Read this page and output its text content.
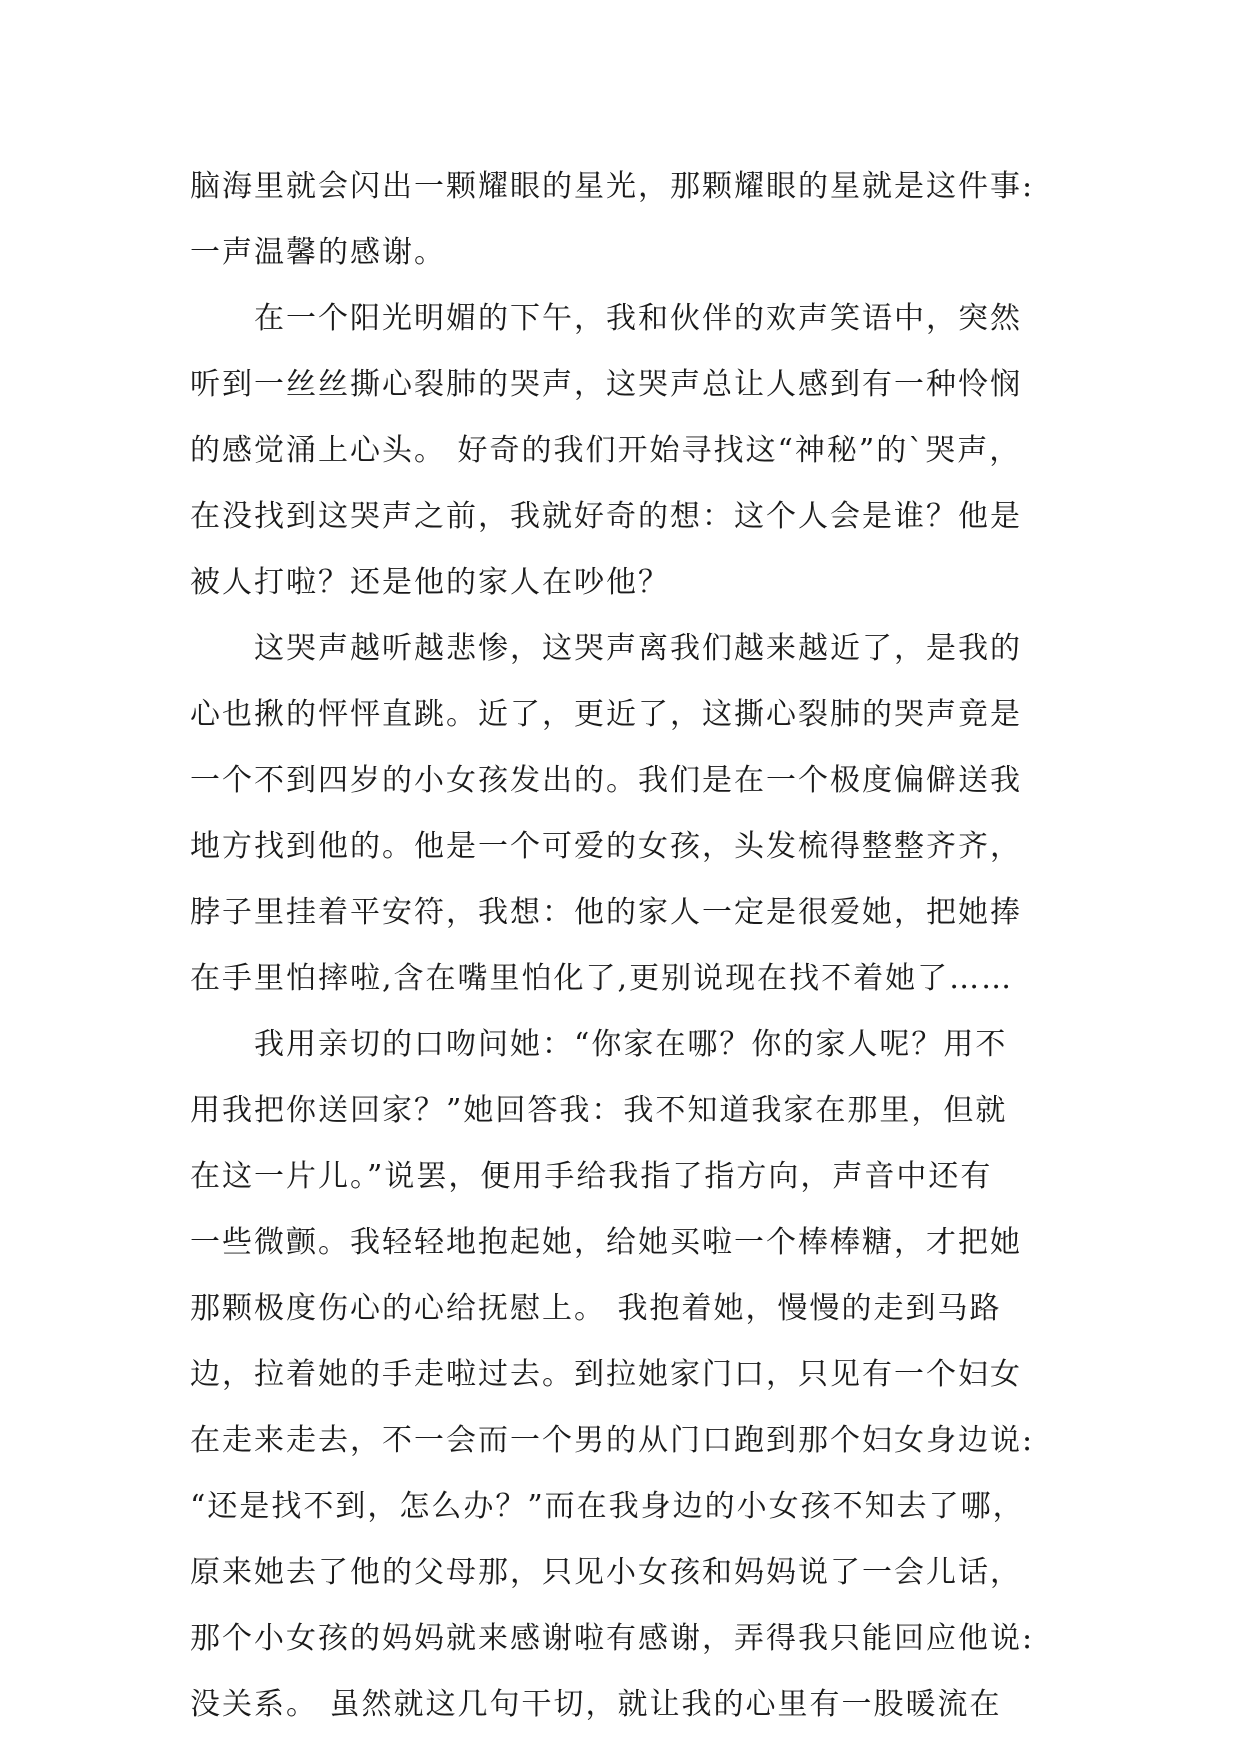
脑海里就会闪出一颗耀眼的星光，那颗耀眼的星就是这件事:
一声温馨的感谢。
在一个阳光明媚的下午，我和伙伴的欢声笑语中，突然
听到一丝丝撕心裂肺的哭声，这哭声总让人感到有一种怜悯
的感觉涌上心头。 好奇的我们开始寻找这“神秘”的`哭声，
在没找到这哭声之前，我就好奇的想：这个人会是谁？他是
被人打啦？还是他的家人在吵他？
这哭声越听越悲惨，这哭声离我们越来越近了，是我的
心也揪的怦怦直跳。近了，更近了，这撕心裂肺的哭声竟是
一个不到四岁的小女孩发出的。我们是在一个极度偏僻送我
地方找到他的。他是一个可爱的女孩，头发梳得整整齐齐，
脖子里挂着平安符，我想：他的家人一定是很爱她，把她捧
在手里怕摔啦,含在嘴里怕化了,更别说现在找不着她了……
我用亲切的口吻问她：“你家在哪？你的家人呢？用不
用我把你送回家？”她回答我：我不知道我家在那里，但就
在这一片儿。”说罢，便用手给我指了指方向，声音中还有
一些微颤。我轻轻地抱起她，给她买啦一个棒棒糖，才把她
那颗极度伤心的心给抚慰上。 我抱着她，慢慢的走到马路
边，拉着她的手走啦过去。到拉她家门口，只见有一个妇女
在走来走去，不一会而一个男的从门口跑到那个妇女身边说:
“还是找不到，怎么办？”而在我身边的小女孩不知去了哪，
原来她去了他的父母那，只见小女孩和妈妈说了一会儿话，
那个小女孩的妈妈就来感谢啦有感谢，弄得我只能回应他说:
没关系。 虽然就这几句干切，就让我的心里有一股暖流在
